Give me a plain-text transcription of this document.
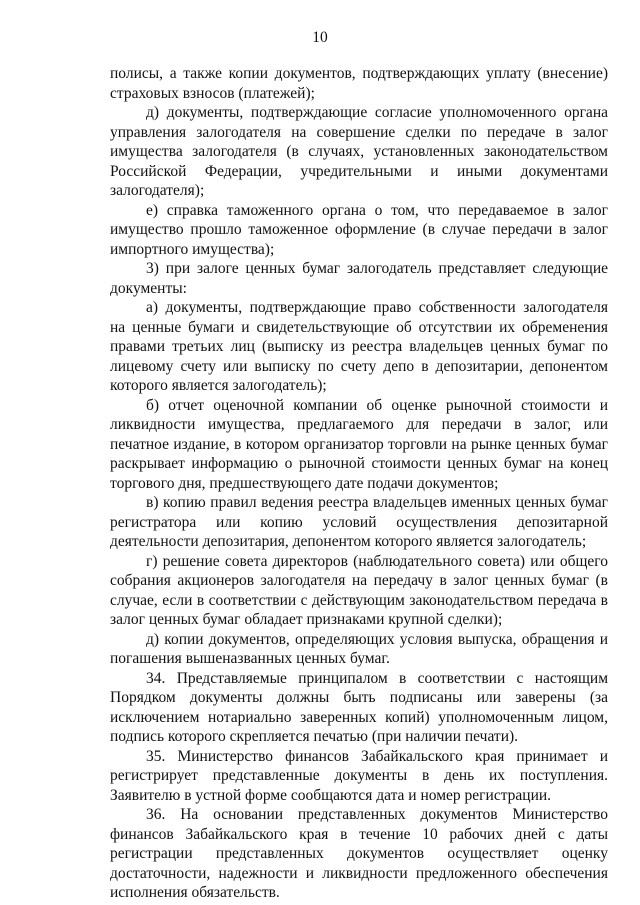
10

полисы, а также копии документов, подтверждающих уплату (внесение) страховых взносов (платежей);

д) документы, подтверждающие согласие уполномоченного органа управления залогодателя на совершение сделки по передаче в залог имущества залогодателя (в случаях, установленных законодательством Российской Федерации, учредительными и иными документами залогодателя);

е) справка таможенного органа о том, что передаваемое в залог имущество прошло таможенное оформление (в случае передачи в залог импортного имущества);

3) при залоге ценных бумаг залогодатель представляет следующие документы:

а) документы, подтверждающие право собственности залогодателя на ценные бумаги и свидетельствующие об отсутствии их обременения правами третьих лиц (выписку из реестра владельцев ценных бумаг по лицевому счету или выписку по счету депо в депозитарии, депонентом которого является залогодатель);

б) отчет оценочной компании об оценке рыночной стоимости и ликвидности имущества, предлагаемого для передачи в залог, или печатное издание, в котором организатор торговли на рынке ценных бумаг раскрывает информацию о рыночной стоимости ценных бумаг на конец торгового дня, предшествующего дате подачи документов;

в) копию правил ведения реестра владельцев именных ценных бумаг регистратора или копию условий осуществления депозитарной деятельности депозитария, депонентом которого является залогодатель;

г) решение совета директоров (наблюдательного совета) или общего собрания акционеров залогодателя на передачу в залог ценных бумаг (в случае, если в соответствии с действующим законодательством передача в залог ценных бумаг обладает признаками крупной сделки);

д) копии документов, определяющих условия выпуска, обращения и погашения вышеназванных ценных бумаг.

34. Представляемые принципалом в соответствии с настоящим Порядком документы должны быть подписаны или заверены (за исключением нотариально заверенных копий) уполномоченным лицом, подпись которого скрепляется печатью (при наличии печати).

35. Министерство финансов Забайкальского края принимает и регистрирует представленные документы в день их поступления. Заявителю в устной форме сообщаются дата и номер регистрации.

36. На основании представленных документов Министерство финансов Забайкальского края в течение 10 рабочих дней с даты регистрации представленных документов осуществляет оценку достаточности, надежности и ликвидности предложенного обеспечения исполнения обязательств.
